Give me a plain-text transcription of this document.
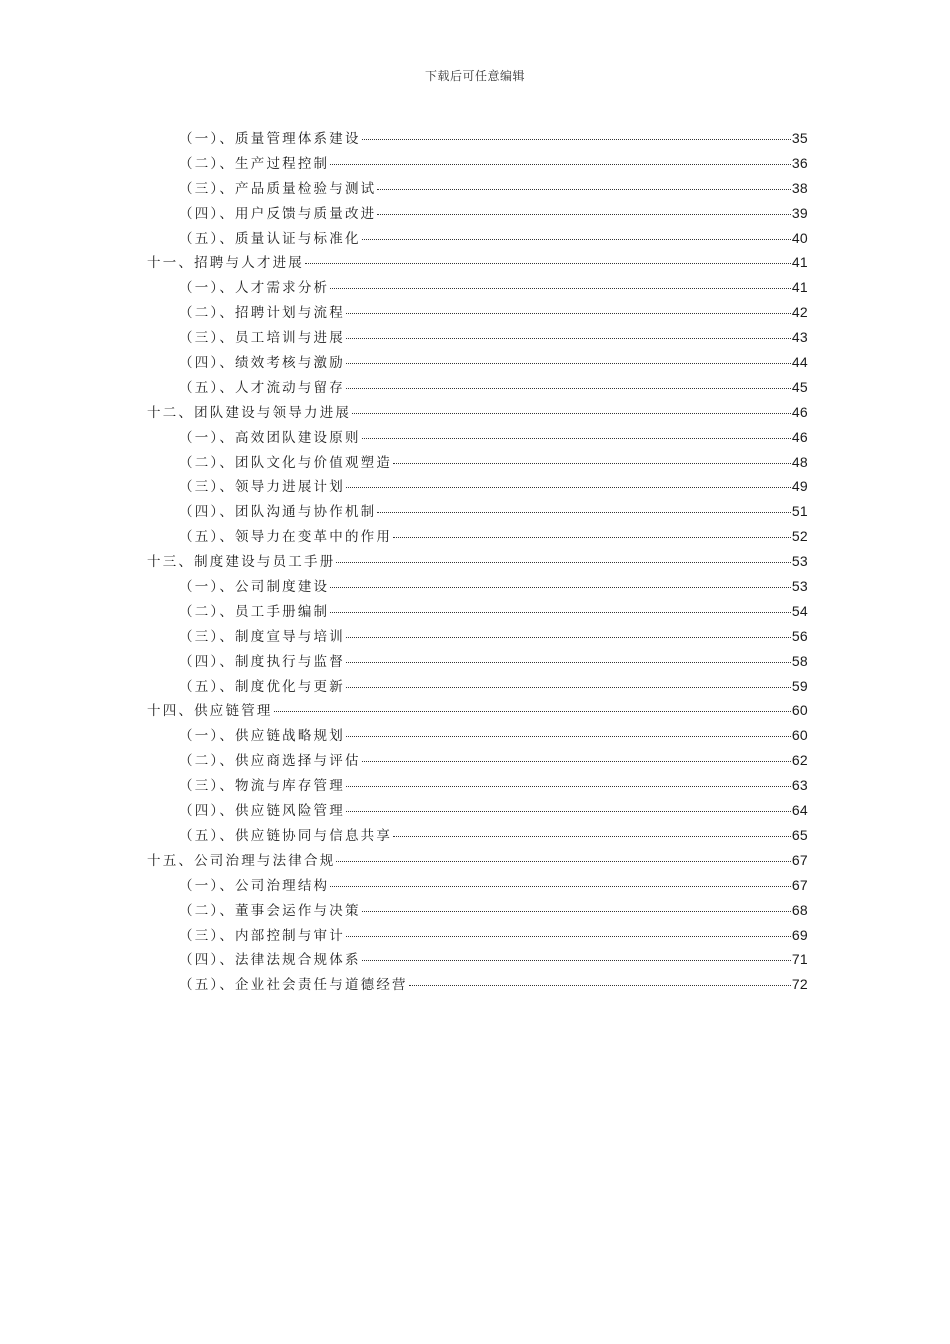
下载后可任意编辑
（一）、质量管理体系建设	35
（二）、生产过程控制	36
（三）、产品质量检验与测试	38
（四）、用户反馈与质量改进	39
（五）、质量认证与标准化	40
十一、招聘与人才进展	41
（一）、人才需求分析	41
（二）、招聘计划与流程	42
（三）、员工培训与进展	43
（四）、绩效考核与激励	44
（五）、人才流动与留存	45
十二、团队建设与领导力进展	46
（一）、高效团队建设原则	46
（二）、团队文化与价值观塑造	48
（三）、领导力进展计划	49
（四）、团队沟通与协作机制	51
（五）、领导力在变革中的作用	52
十三、制度建设与员工手册	53
（一）、公司制度建设	53
（二）、员工手册编制	54
（三）、制度宣导与培训	56
（四）、制度执行与监督	58
（五）、制度优化与更新	59
十四、供应链管理	60
（一）、供应链战略规划	60
（二）、供应商选择与评估	62
（三）、物流与库存管理	63
（四）、供应链风险管理	64
（五）、供应链协同与信息共享	65
十五、公司治理与法律合规	67
（一）、公司治理结构	67
（二）、董事会运作与决策	68
（三）、内部控制与审计	69
（四）、法律法规合规体系	71
（五）、企业社会责任与道德经营	72
